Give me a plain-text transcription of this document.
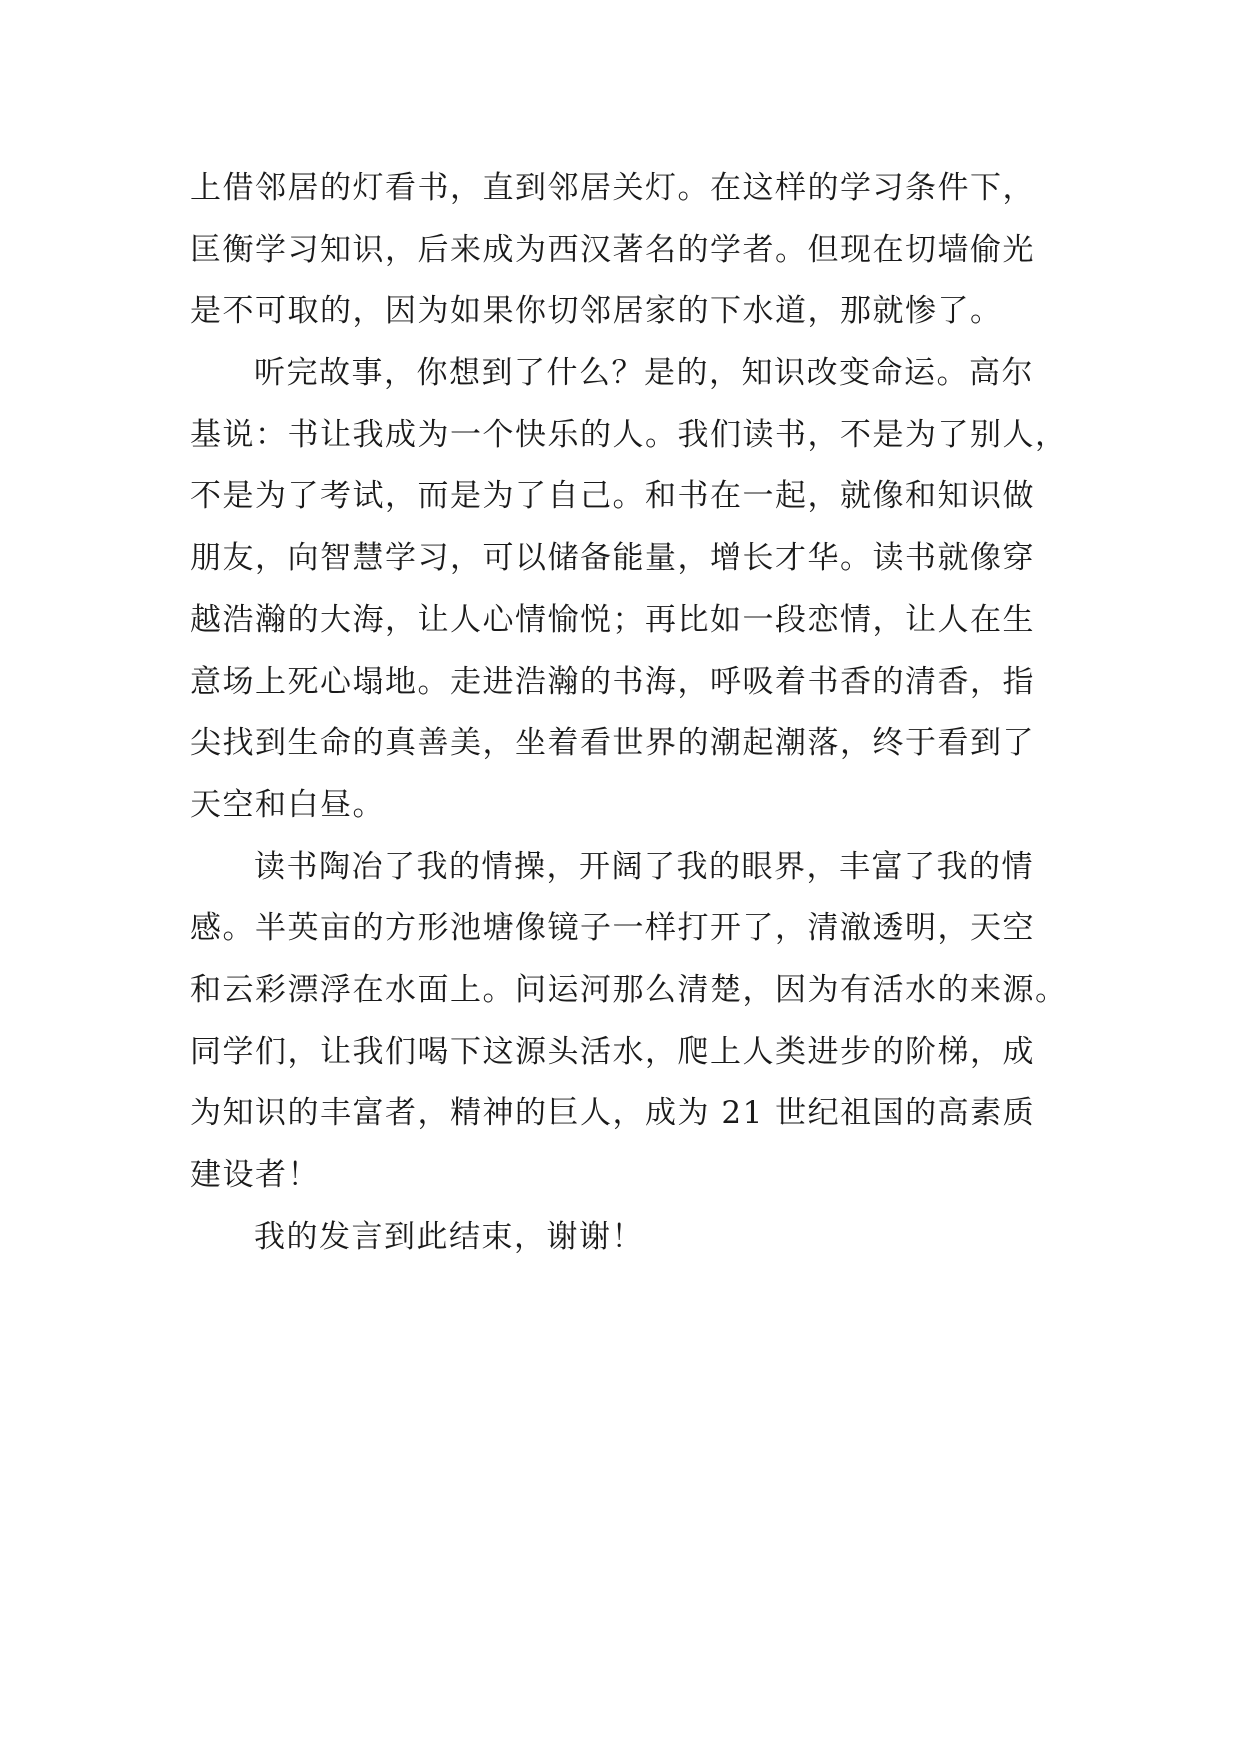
上借邻居的灯看书，直到邻居关灯。在这样的学习条件下，
匡衡学习知识，后来成为西汉著名的学者。但现在切墙偷光
是不可取的，因为如果你切邻居家的下水道，那就惨了。
听完故事，你想到了什么？是的，知识改变命运。高尔
基说：书让我成为一个快乐的人。我们读书，不是为了别人，
不是为了考试，而是为了自己。和书在一起，就像和知识做
朋友，向智慧学习，可以储备能量，增长才华。读书就像穿
越浩瀚的大海，让人心情愉悦；再比如一段恋情，让人在生
意场上死心塌地。走进浩瀚的书海，呼吸着书香的清香，指
尖找到生命的真善美，坐着看世界的潮起潮落，终于看到了
天空和白昼。
读书陶冶了我的情操，开阔了我的眼界，丰富了我的情
感。半英亩的方形池塘像镜子一样打开了，清澈透明，天空
和云彩漂浮在水面上。问运河那么清楚，因为有活水的来源。
同学们，让我们喝下这源头活水，爬上人类进步的阶梯，成
为知识的丰富者，精神的巨人，成为 21 世纪祖国的高素质
建设者！
我的发言到此结束，谢谢！
